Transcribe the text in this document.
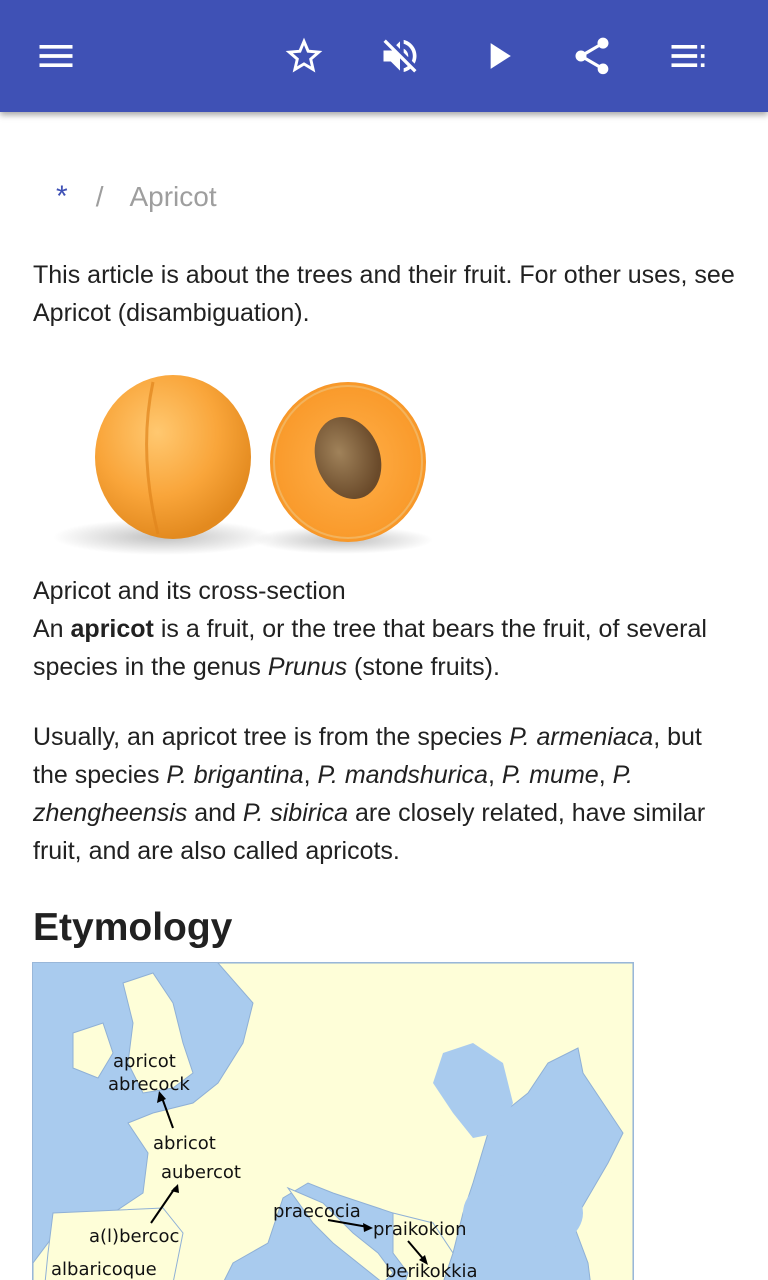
* / Apricot

This article is about the trees and their fruit. For other uses, see Apricot (disambiguation).

Apricot and its cross-section

An apricot is a fruit, or the tree that bears the fruit, of several species in the genus Prunus (stone fruits).

Usually, an apricot tree is from the species P. armeniaca, but the species P. brigantina, P. mandshurica, P. mume, P. zhengheensis and P. sibirica are closely related, have similar fruit, and are also called apricots.

Etymology
apricot
abrecock
abricot
aubercot
a(l)bercoc
albaricoque
praecocia
praikokion
berikokkia
